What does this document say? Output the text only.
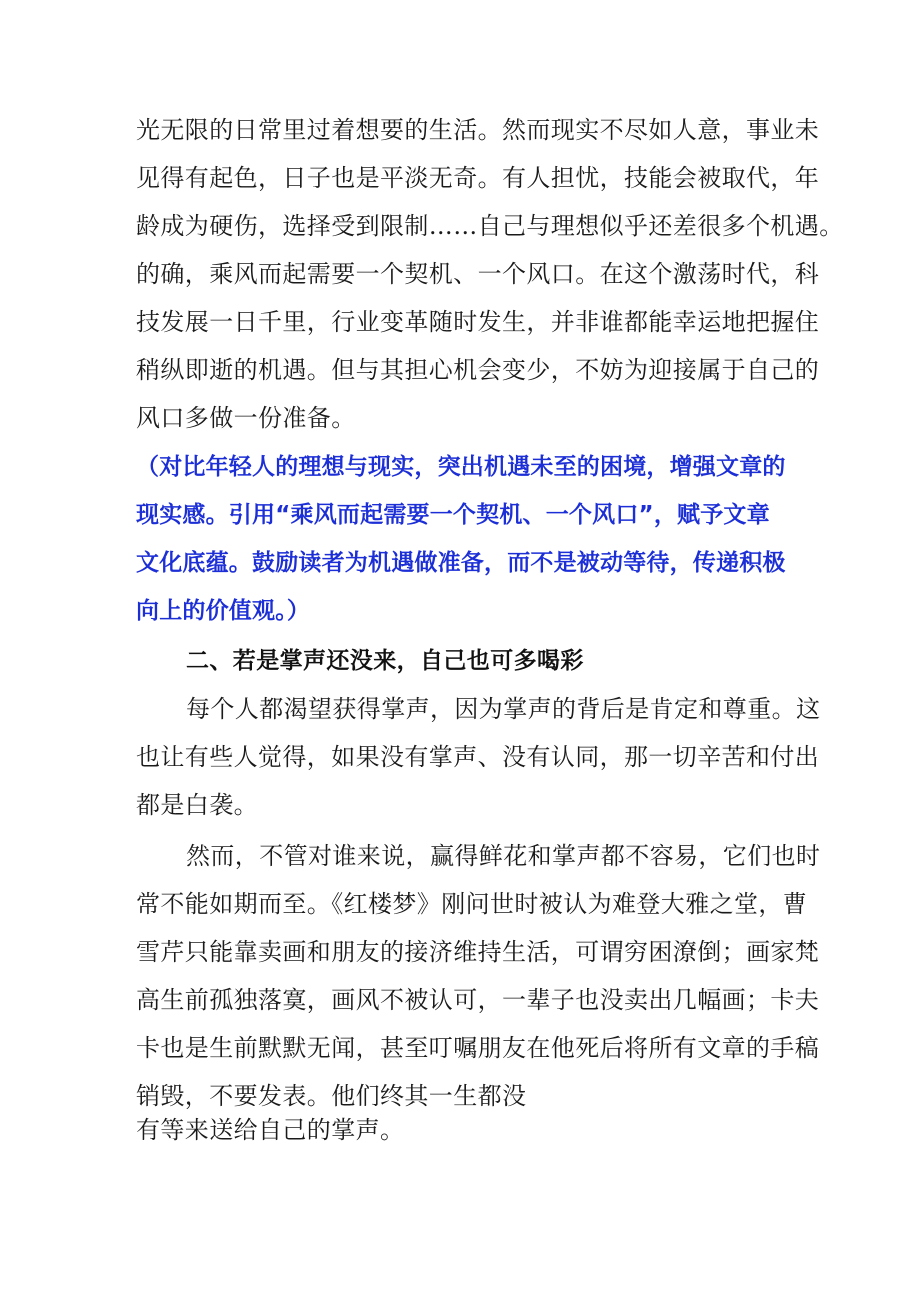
光无限的日常里过着想要的生活。然而现实不尽如人意，事业未
见得有起色，日子也是平淡无奇。有人担忧，技能会被取代，年
龄成为硬伤，选择受到限制……自己与理想似乎还差很多个机遇。
的确，乘风而起需要一个契机、一个风口。在这个激荡时代，科
技发展一日千里，行业变革随时发生，并非谁都能幸运地把握住
稍纵即逝的机遇。但与其担心机会变少，不妨为迎接属于自己的
风口多做一份准备。
（对比年轻人的理想与现实，突出机遇未至的困境，增强文章的
现实感。引用“乘风而起需要一个契机、一个风口”，赋予文章
文化底蕴。鼓励读者为机遇做准备，而不是被动等待，传递积极
向上的价值观。）
二、若是掌声还没来，自己也可多喝彩
每个人都渴望获得掌声，因为掌声的背后是肯定和尊重。这
也让有些人觉得，如果没有掌声、没有认同，那一切辛苦和付出
都是白袭。
然而，不管对谁来说，赢得鲜花和掌声都不容易，它们也时
常不能如期而至。《红楼梦》刚问世时被认为难登大雅之堂，曹
雪芹只能靠卖画和朋友的接济维持生活，可谓穷困潦倒；画家梵
高生前孤独落寞，画风不被认可，一辈子也没卖出几幅画；卡夫
卡也是生前默默无闻，甚至叮嘱朋友在他死后将所有文章的手稿
销毁，不要发表。他们终其一生都没
有等来送给自己的掌声。
